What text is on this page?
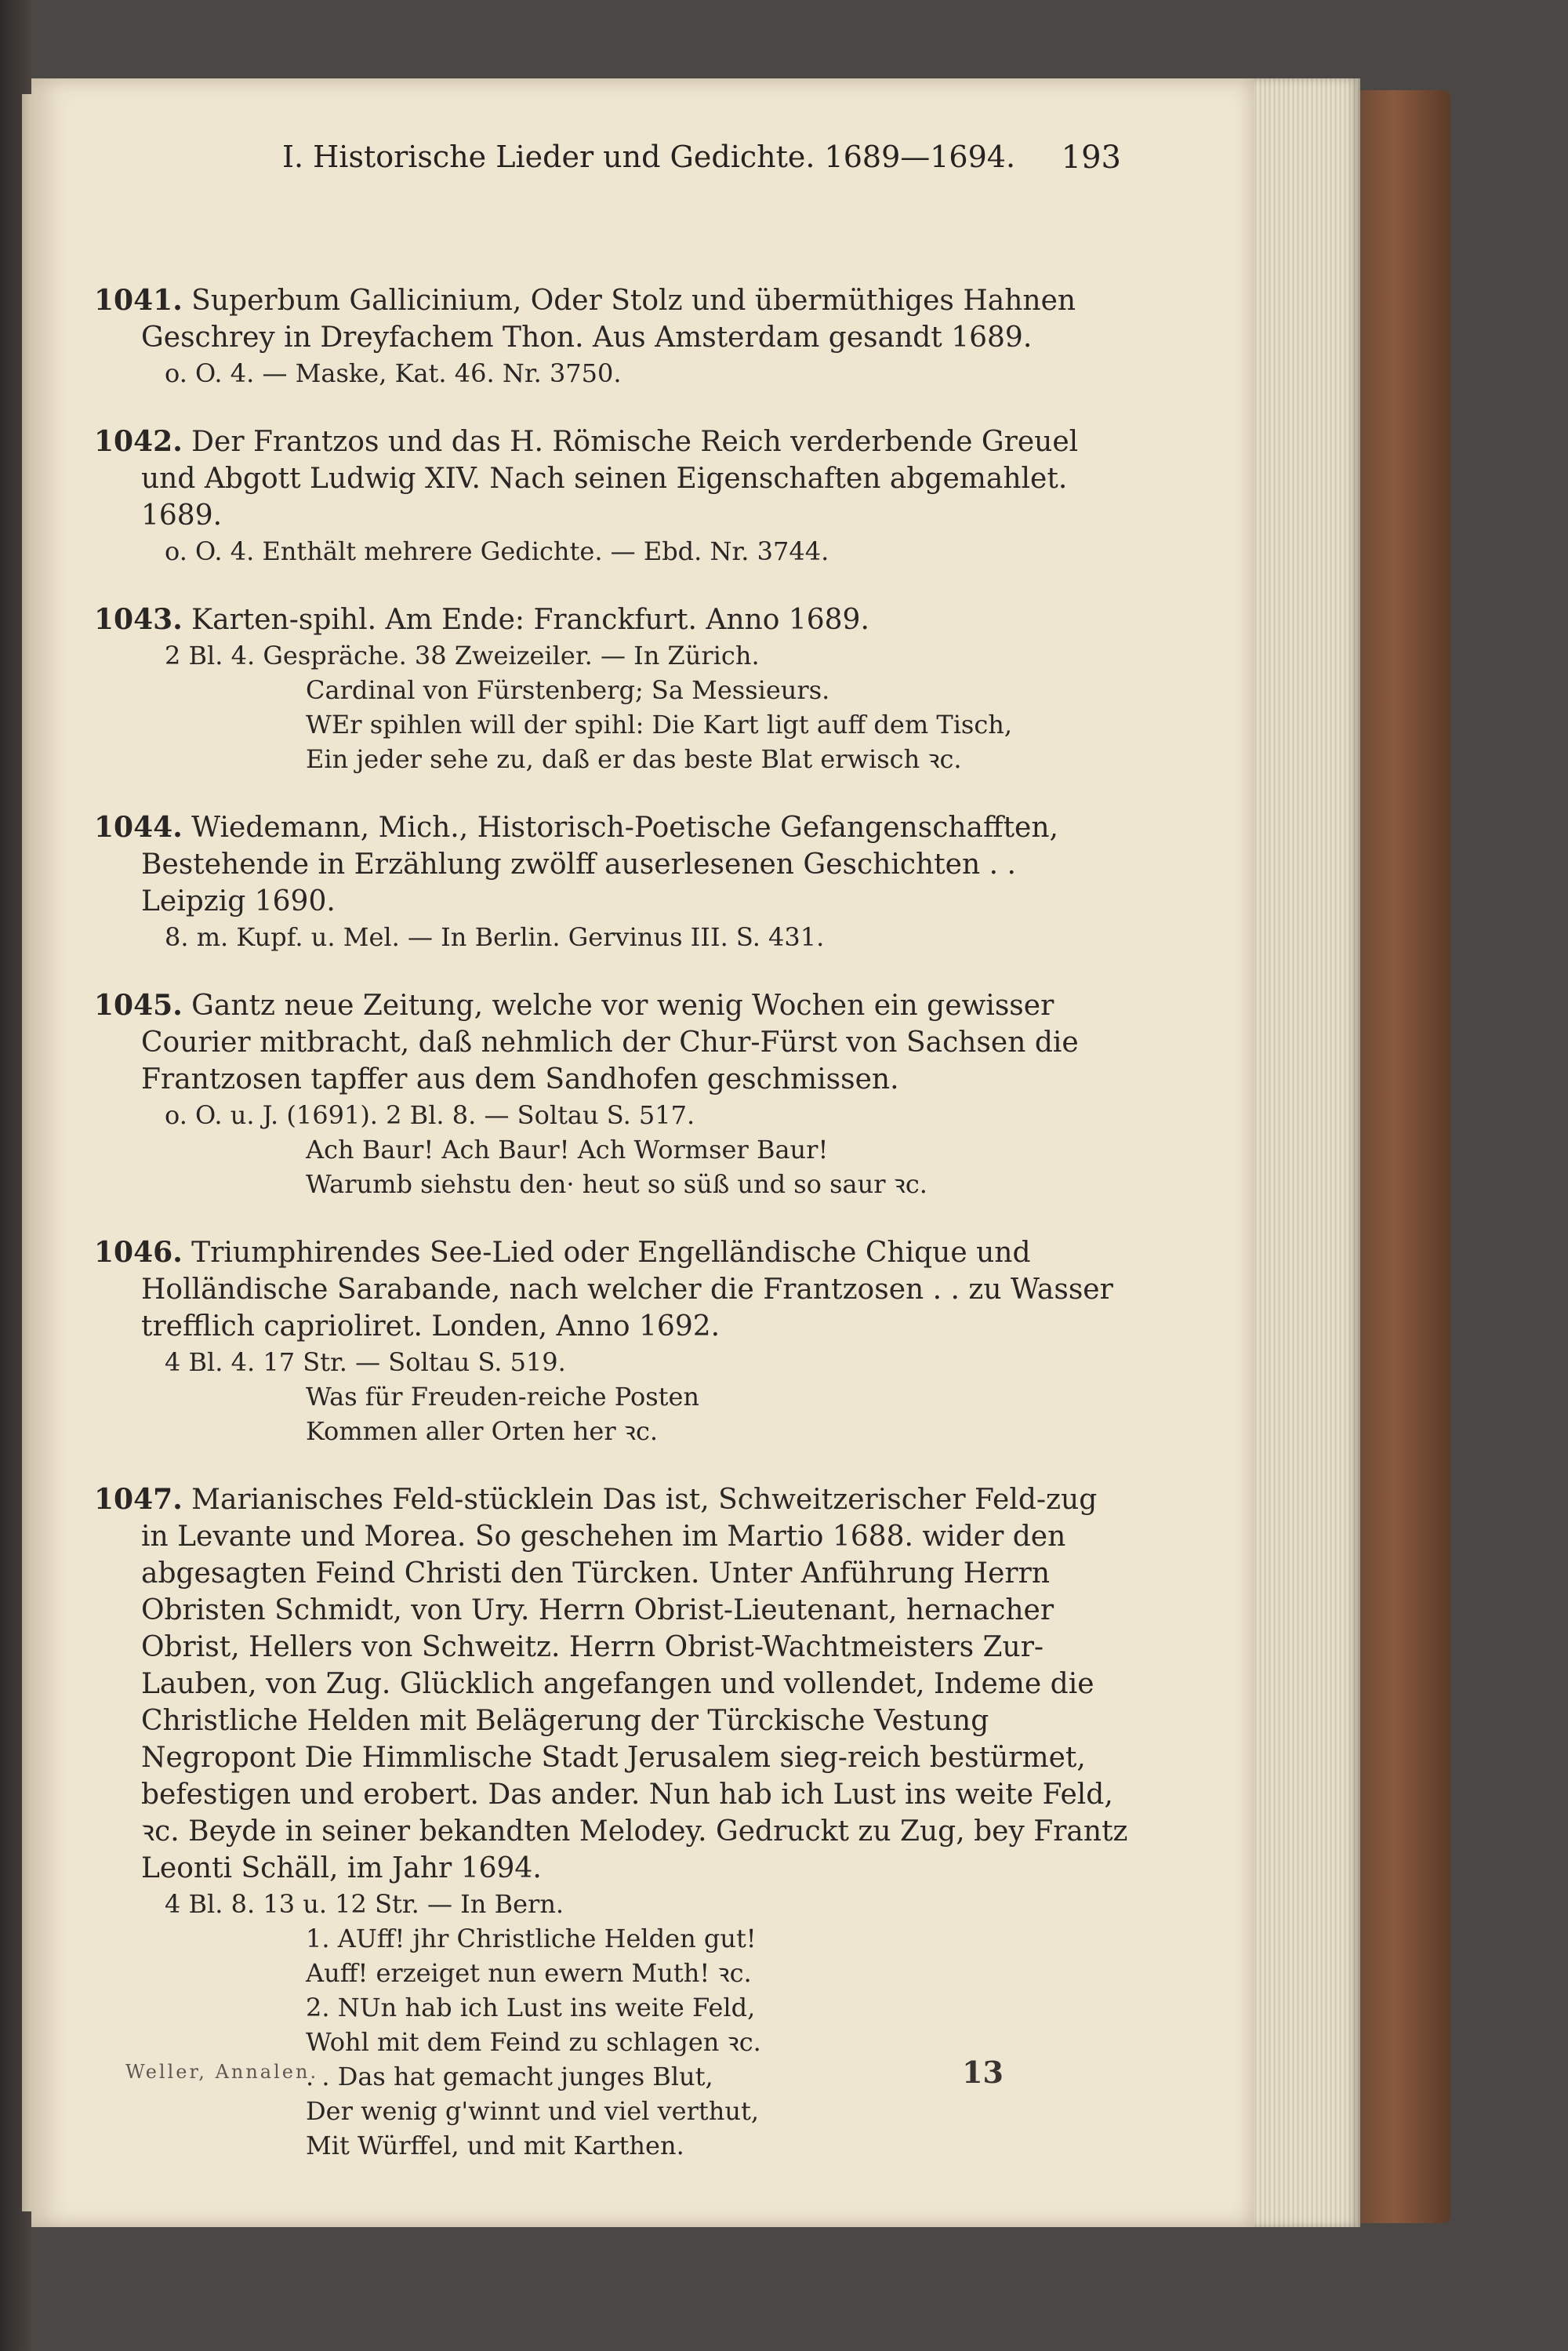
I. Historische Lieder und Gedichte. 1689—1694. 193

1041. Superbum Gallicinium, Oder Stolz und übermüthiges Hahnen Geschrey in Dreyfachem Thon. Aus Amsterdam gesandt 1689.

o. O. 4. — Maske, Kat. 46. Nr. 3750.

1042. Der Frantzos und das H. Römische Reich verderbende Greuel und Abgott Ludwig XIV. Nach seinen Eigenschaften abgemahlet. 1689.

o. O. 4. Enthält mehrere Gedichte. — Ebd. Nr. 3744.

1043. Karten-spihl. Am Ende: Franckfurt. Anno 1689.

2 Bl. 4. Gespräche. 38 Zweizeiler. — In Zürich.

Cardinal von Fürstenberg; Sa Messieurs.
WEr spihlen will der spihl: Die Kart ligt auff dem Tisch,
Ein jeder sehe zu, daß er das beste Blat erwisch ꝛc.

1044. Wiedemann, Mich., Historisch-Poetische Gefangenschafften, Bestehende in Erzählung zwölff auserlesenen Geschichten . . Leipzig 1690.

8. m. Kupf. u. Mel. — In Berlin. Gervinus III. S. 431.

1045. Gantz neue Zeitung, welche vor wenig Wochen ein gewisser Courier mitbracht, daß nehmlich der Chur-Fürst von Sachsen die Frantzosen tapffer aus dem Sandhofen geschmissen.

o. O. u. J. (1691). 2 Bl. 8. — Soltau S. 517.

Ach Baur! Ach Baur! Ach Wormser Baur!
Warumb siehstu den· heut so süß und so saur ꝛc.

1046. Triumphirendes See-Lied oder Engelländische Chique und Holländische Sarabande, nach welcher die Frantzosen . . zu Wasser trefflich caprioliret. Londen, Anno 1692.

4 Bl. 4. 17 Str. — Soltau S. 519.

Was für Freuden-reiche Posten
Kommen aller Orten her ꝛc.

1047. Marianisches Feld-stücklein Das ist, Schweitzerischer Feld-zug in Levante und Morea. So geschehen im Martio 1688. wider den abgesagten Feind Christi den Türcken. Unter Anführung Herrn Obristen Schmidt, von Ury. Herrn Obrist-Lieutenant, hernacher Obrist, Hellers von Schweitz. Herrn Obrist-Wachtmeisters Zur-Lauben, von Zug. Glücklich angefangen und vollendet, Indeme die Christliche Helden mit Belägerung der Türckische Vestung Negropont Die Himmlische Stadt Jerusalem sieg-reich bestürmet, befestigen und erobert. Das ander. Nun hab ich Lust ins weite Feld, ꝛc. Beyde in seiner bekandten Melodey. Gedruckt zu Zug, bey Frantz Leonti Schäll, im Jahr 1694.

4 Bl. 8. 13 u. 12 Str. — In Bern.

1. AUff! jhr Christliche Helden gut!
Auff! erzeiget nun ewern Muth! ꝛc.
2. NUn hab ich Lust ins weite Feld,
Wohl mit dem Feind zu schlagen ꝛc.
. . Das hat gemacht junges Blut,
Der wenig g'winnt und viel verthut,
Mit Würffel, und mit Karthen.
Weller, Annalen.	13
